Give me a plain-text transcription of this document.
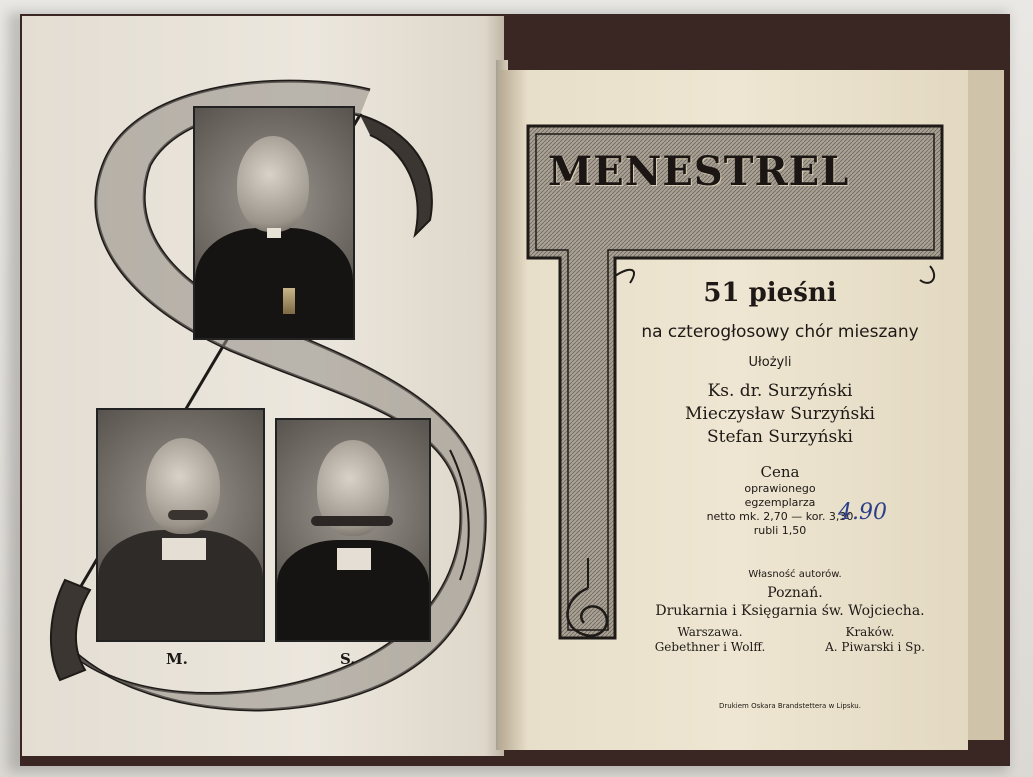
M.	S.
MENESTREL
51 pieśni
na czterogłosowy chór mieszany
Ułożyli
Ks. dr. Surzyński
Mieczysław Surzyński
Stefan Surzyński
Cena
oprawionego
egzemplarza
netto mk. 2,70 — kor. 3,30
rubli 1,50
4.90
Własność autorów.
Poznań.
Drukarnia i Księgarnia św. Wojciecha.
Warszawa.
Gebethner i Wolff.
Kraków.
A. Piwarski i Sp.
Drukiem Oskara Brandstettera w Lipsku.
